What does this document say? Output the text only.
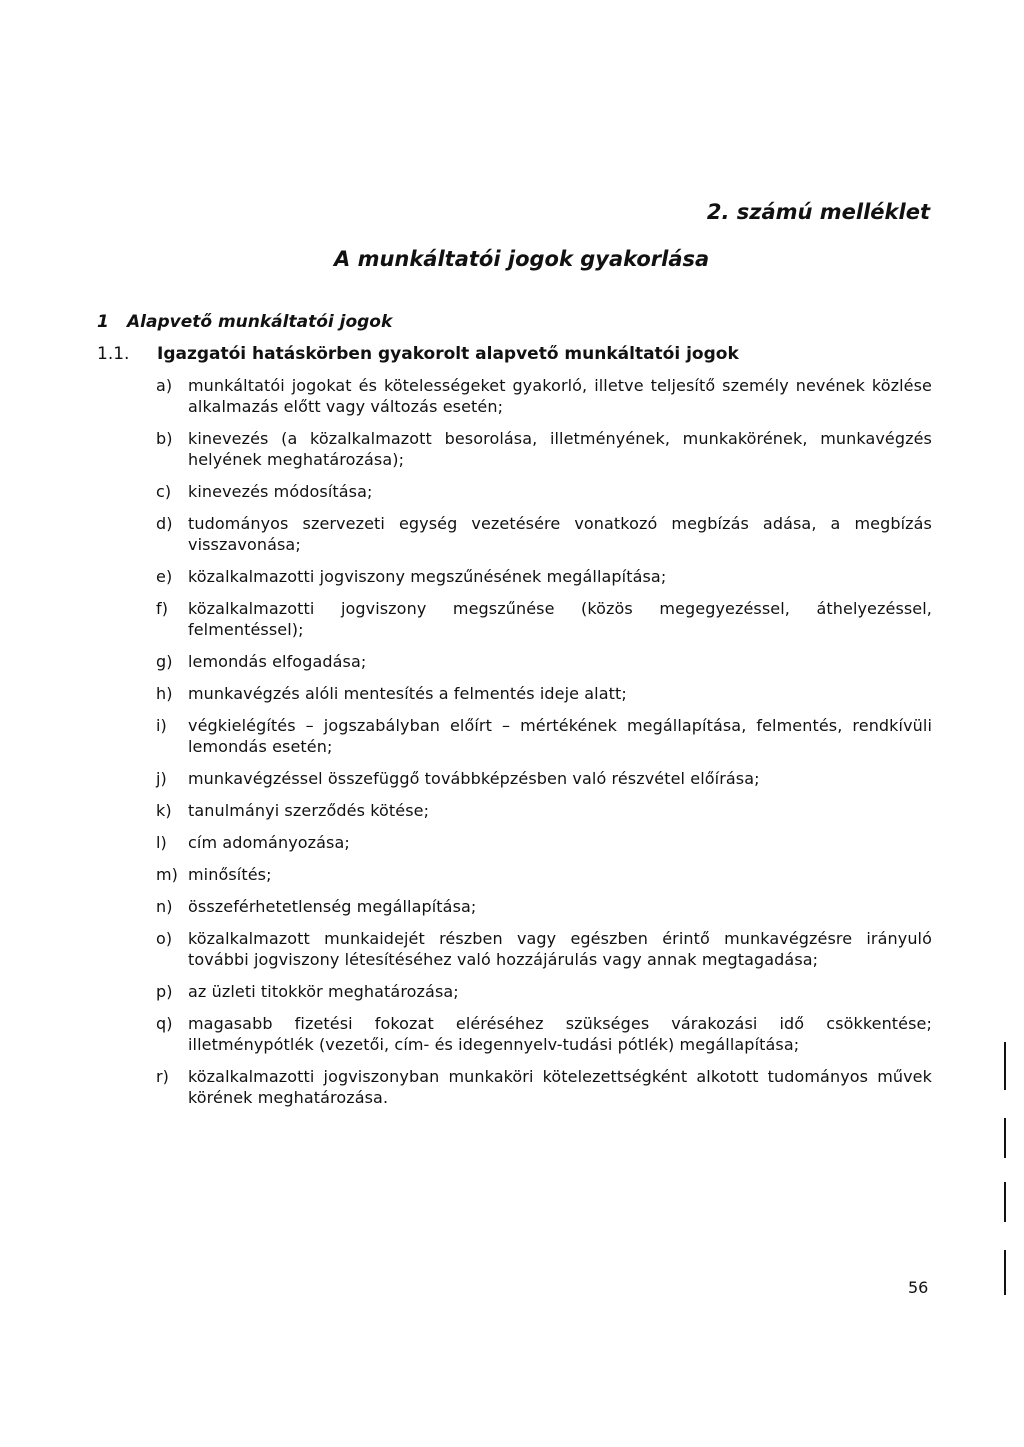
2. számú melléklet
A munkáltatói jogok gyakorlása
1 Alapvető munkáltatói jogok
1.1. Igazgatói hatáskörben gyakorolt alapvető munkáltatói jogok
a) munkáltatói jogokat és kötelességeket gyakorló, illetve teljesítő személy nevének közlése alkalmazás előtt vagy változás esetén;
b) kinevezés (a közalkalmazott besorolása, illetményének, munkakörének, munkavégzés helyének meghatározása);
c)	kinevezés módosítása;
d) tudományos szervezeti egység vezetésére vonatkozó megbízás adása, a megbízás visszavonása;
e) közalkalmazotti jogviszony megszűnésének megállapítása;
f)	közalkalmazotti jogviszony megszűnése (közös megegyezéssel, áthelyezéssel, felmentéssel);
g) lemondás elfogadása;
h) munkavégzés alóli mentesítés a felmentés ideje alatt;
i)	végkielégítés – jogszabályban előírt – mértékének megállapítása, felmentés, rendkívüli lemondás esetén;
j)	munkavégzéssel összefüggő továbbképzésben való részvétel előírása;
k)	tanulmányi szerződés kötése;
l)	cím adományozása;
m) minősítés;
n) összeférhetetlenség megállapítása;
o) közalkalmazott munkaidejét részben vagy egészben érintő munkavégzésre irányuló további jogviszony létesítéséhez való hozzájárulás vagy annak megtagadása;
p) az üzleti titokkör meghatározása;
q) magasabb fizetési fokozat eléréséhez szükséges várakozási idő csökkentése; illetménypótlék (vezetői, cím- és idegennyelv-tudási pótlék) megállapítása;
r)	közalkalmazotti jogviszonyban munkaköri kötelezettségként alkotott tudományos művek körének meghatározása.

56
